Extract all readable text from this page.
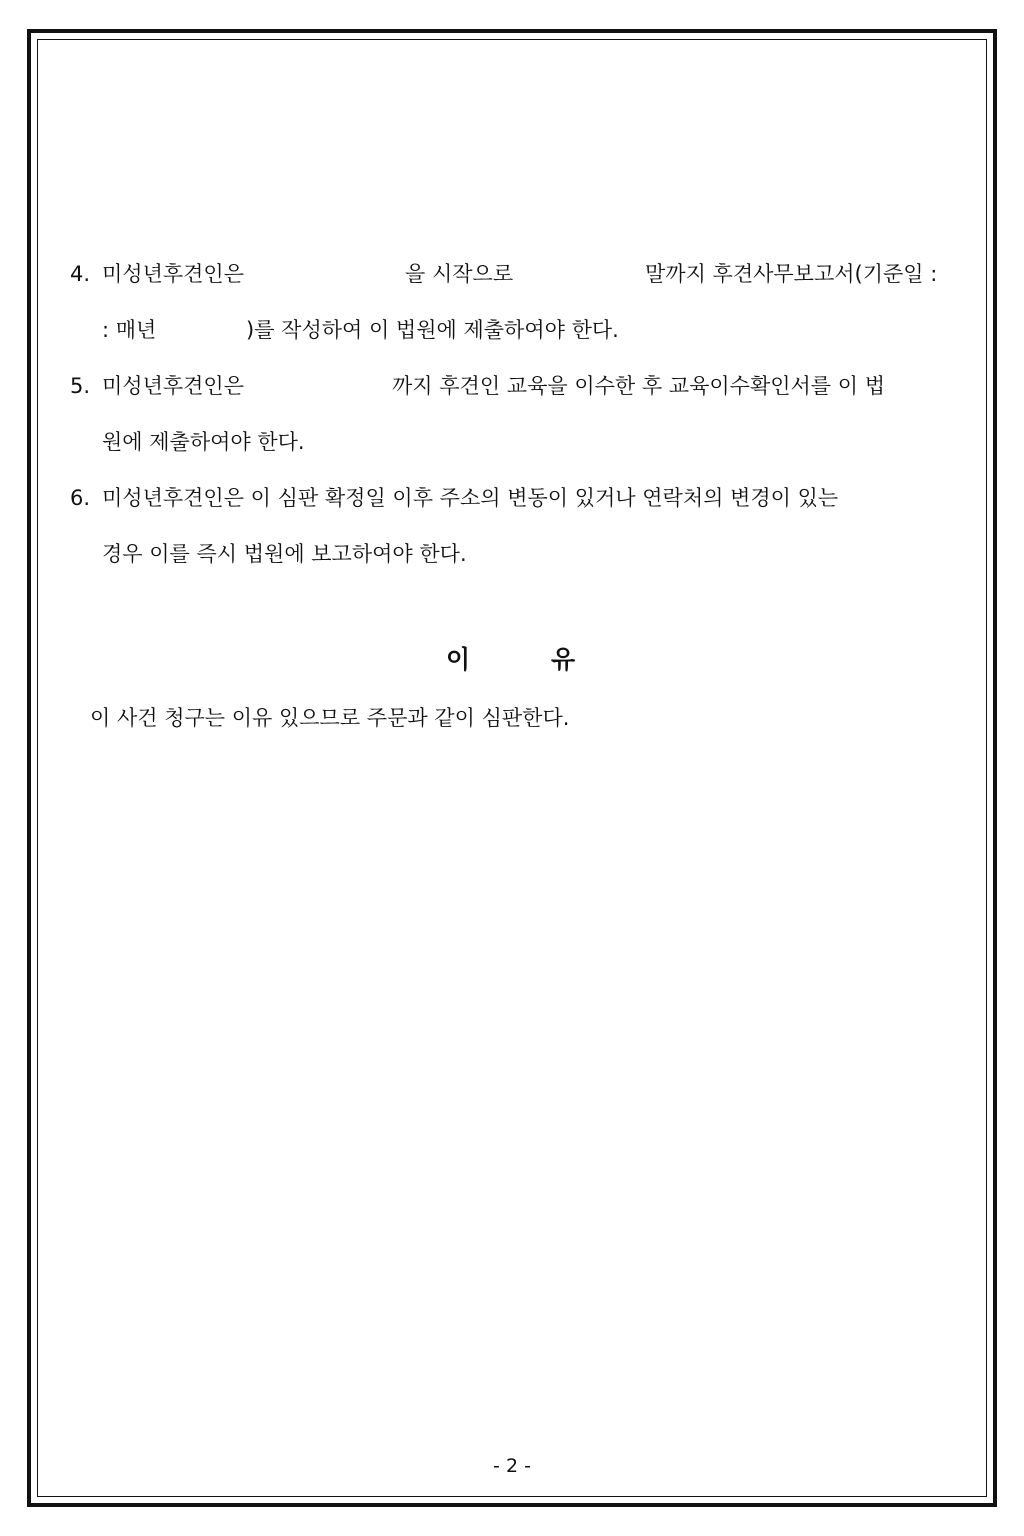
4. 미성년후견인은	을 시작으로	말까지 후견사무보고서(기준일 :
: 매년	)를 작성하여 이 법원에 제출하여야 한다.
5. 미성년후견인은	까지 후견인 교육을 이수한 후 교육이수확인서를 이 법
원에 제출하여야 한다.
6. 미성년후견인은 이 심판 확정일 이후 주소의 변동이 있거나 연락처의 변경이 있는
경우 이를 즉시 법원에 보고하여야 한다.
이	유
이 사건 청구는 이유 있으므로 주문과 같이 심판한다.
- 2 -
